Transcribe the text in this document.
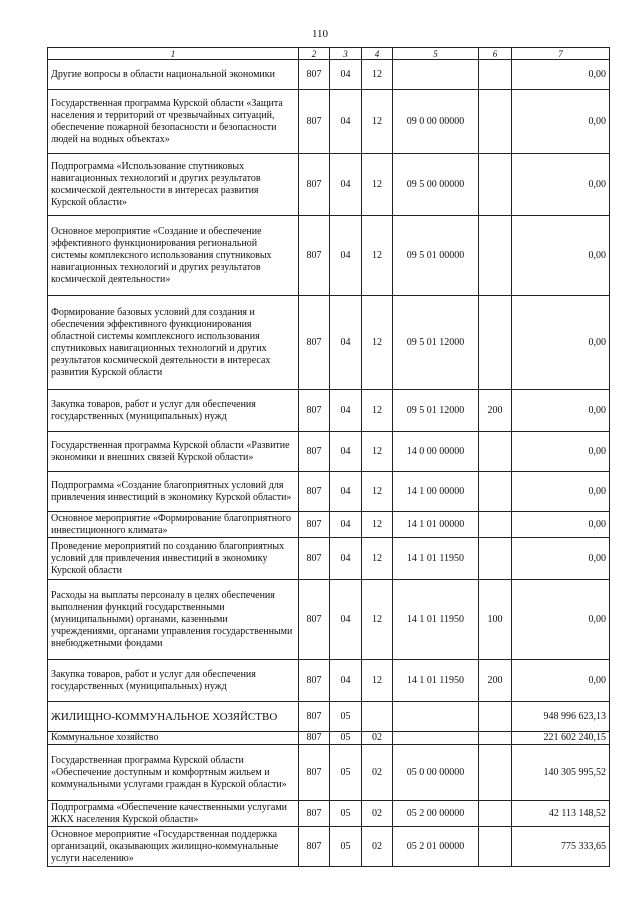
110
1	2	3	4	5	6	7
Другие вопросы в области национальной экономики	807	04	12			0,00
Государственная программа Курской области «Защита населения и территорий от чрезвычайных ситуаций, обеспечение пожарной безопасности и безопасности людей на водных объектах»	807	04	12	09 0 00 00000		0,00
Подпрограмма «Использование спутниковых навигационных технологий и других результатов космической деятельности в интересах развития Курской области»	807	04	12	09 5 00 00000		0,00
Основное мероприятие «Создание и обеспечение эффективного функционирования региональной системы комплексного использования спутниковых навигационных технологий и других результатов космической деятельности»	807	04	12	09 5 01 00000		0,00
Формирование базовых условий для создания и обеспечения эффективного функционирования областной системы комплексного использования спутниковых навигационных технологий и других результатов космической деятельности в интересах развития Курской области	807	04	12	09 5 01 12000		0,00
Закупка товаров, работ и услуг для обеспечения государственных (муниципальных) нужд	807	04	12	09 5 01 12000	200	0,00
Государственная программа Курской области «Развитие экономики и внешних связей Курской области»	807	04	12	14 0 00 00000		0,00
Подпрограмма «Создание благоприятных условий для привлечения инвестиций в экономику Курской области»	807	04	12	14 1 00 00000		0,00
Основное мероприятие «Формирование благоприятного инвестиционного климата»	807	04	12	14 1 01 00000		0,00
Проведение мероприятий по созданию благоприятных условий для привлечения инвестиций в экономику Курской области	807	04	12	14 1 01 11950		0,00
Расходы на выплаты персоналу в целях обеспечения выполнения функций государственными (муниципальными) органами, казенными учреждениями, органами управления государственными внебюджетными фондами	807	04	12	14 1 01 11950	100	0,00
Закупка товаров, работ и услуг для обеспечения государственных (муниципальных) нужд	807	04	12	14 1 01 11950	200	0,00
ЖИЛИЩНО-КОММУНАЛЬНОЕ ХОЗЯЙСТВО	807	05				948 996 623,13
Коммунальное хозяйство	807	05	02			221 602 240,15
Государственная программа Курской области «Обеспечение доступным и комфортным жильем и коммунальными услугами граждан в Курской области»	807	05	02	05 0 00 00000		140 305 995,52
Подпрограмма «Обеспечение качественными услугами ЖКХ населения Курской области»	807	05	02	05 2 00 00000		42 113 148,52
Основное мероприятие «Государственная поддержка организаций, оказывающих жилищно-коммунальные услуги населению»	807	05	02	05 2 01 00000		775 333,65
